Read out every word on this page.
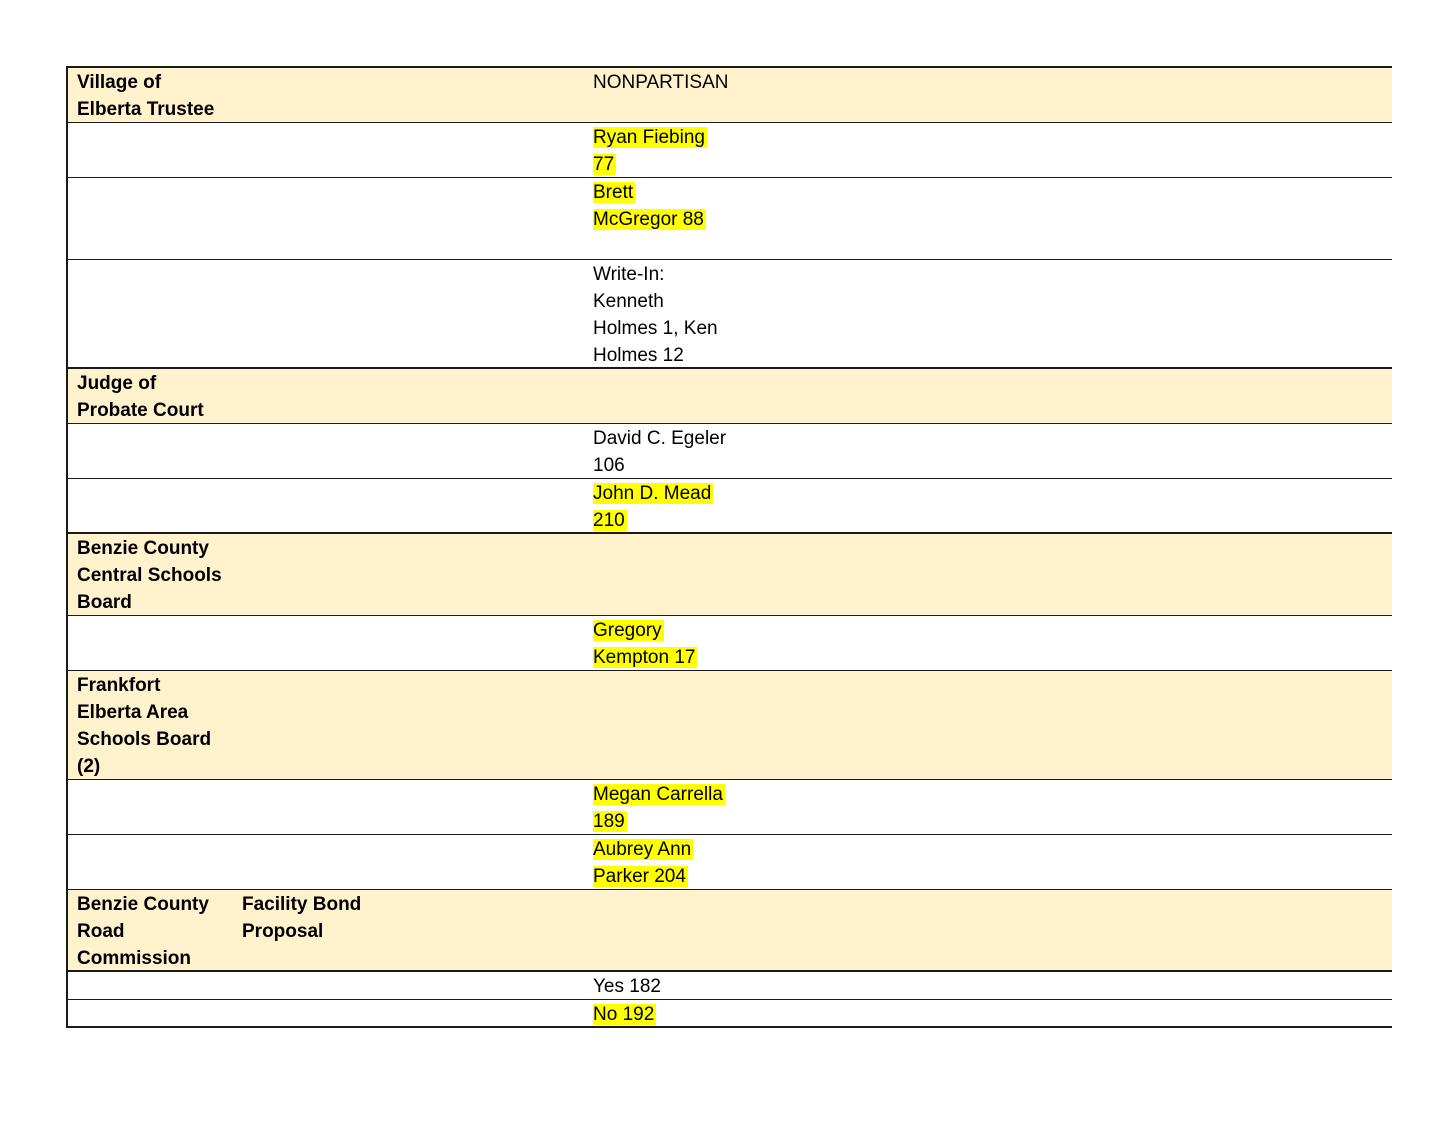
Village of
Elberta Trustee
NONPARTISAN
Ryan Fiebing
77
Brett
McGregor 88
Write-In:
Kenneth
Holmes 1, Ken
Holmes 12
Judge of
Probate Court
David C. Egeler
106
John D. Mead
210
Benzie County
Central Schools
Board
Gregory
Kempton 17
Frankfort
Elberta Area
Schools Board
(2)
Megan Carrella
189
Aubrey Ann
Parker 204
Benzie County
Road
Commission
Facility Bond
Proposal
Yes 182
No 192
